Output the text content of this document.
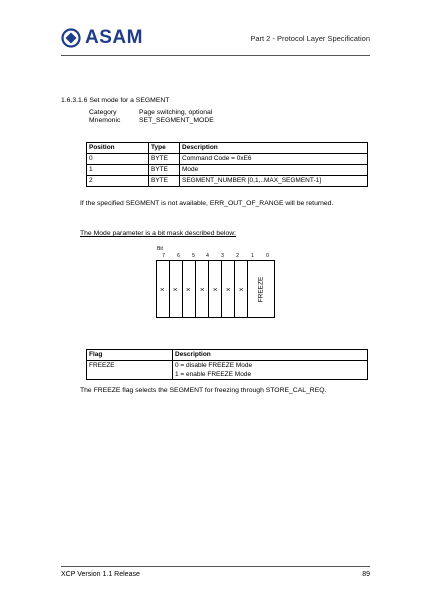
ASAM	Part 2 - Protocol Layer Specification
1.6.3.1.6 Set mode for a SEGMENT
Category	Page switching, optional
Mnemonic	SET_SEGMENT_MODE
Position	Type	Description
0	BYTE	Command Code = 0xE6
1	BYTE	Mode
2	BYTE	SEGMENT_NUMBER [0,1,..MAX_SEGMENT-1]
If the specified SEGMENT is not available, ERR_OUT_OF_RANGE will be returned.
The Mode parameter is a bit mask described below:
Bit
7	6	5	4	3	2	1	0
x x x x x x x FREEZE
Flag	Description
FREEZE	0 = disable FREEZE Mode
1 = enable FREEZE Mode
The FREEZE flag selects the SEGMENT for freezing through STORE_CAL_REQ.
XCP Version 1.1 Release	89
